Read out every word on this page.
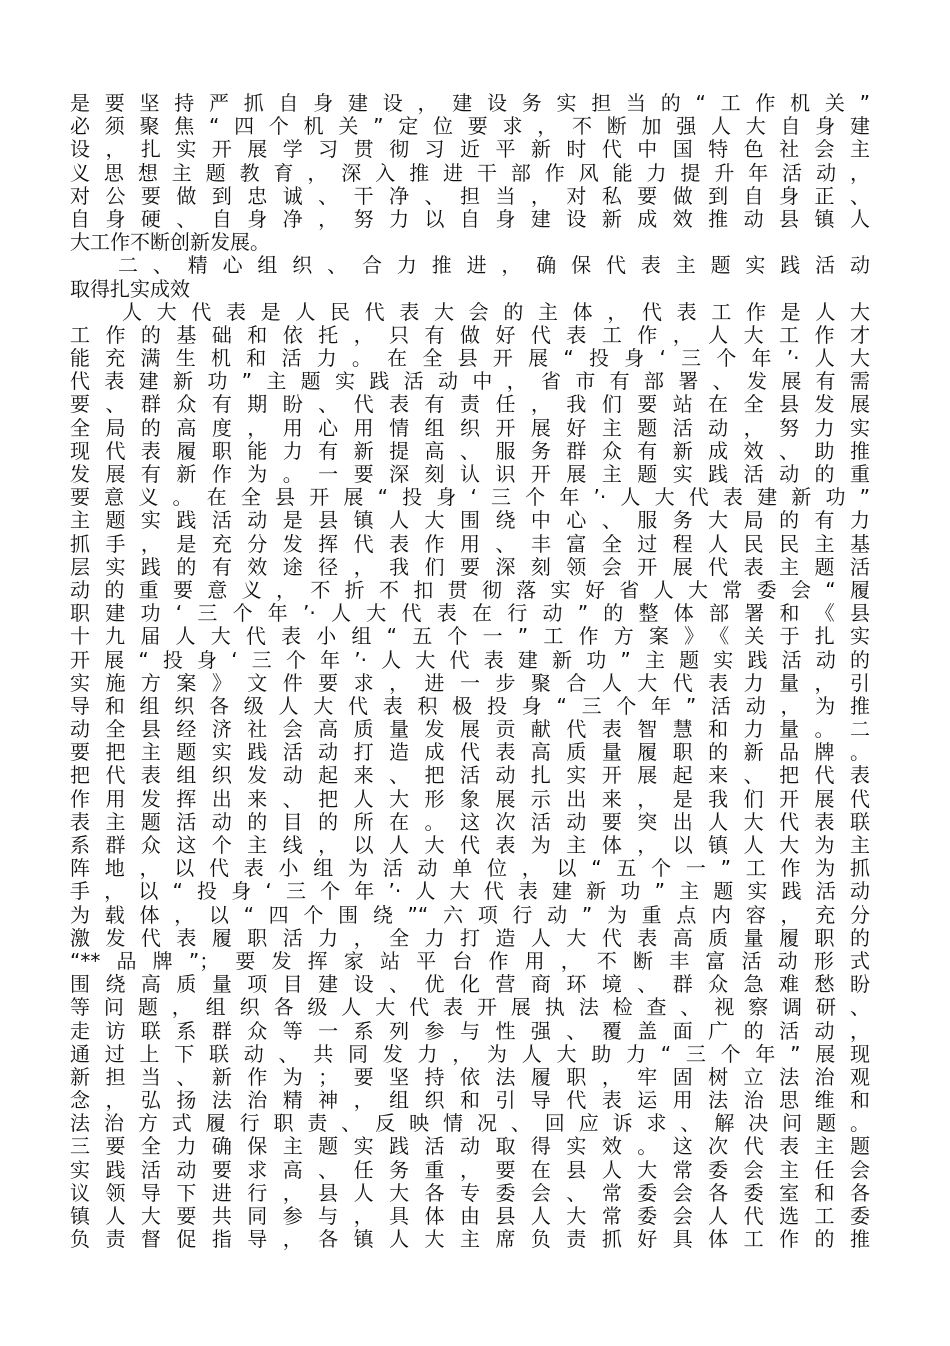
是要坚持严抓自身建设，建设务实担当的“工作机关”
必须聚焦“四个机关”定位要求，不断加强人大自身建
设，扎实开展学习贯彻习近平新时代中国特色社会主
义思想主题教育，深入推进干部作风能力提升年活动，
对公要做到忠诚、干净、担当，对私要做到自身正、
自身硬、自身净，努力以自身建设新成效推动县镇人
大工作不断创新发展。
二、精心组织、合力推进，确保代表主题实践活动
取得扎实成效
人大代表是人民代表大会的主体，代表工作是人大
工作的基础和依托，只有做好代表工作，人大工作才
能充满生机和活力。在全县开展“投身‘三个年’·人大
代表建新功”主题实践活动中，省市有部署、发展有需
要、群众有期盼、代表有责任，我们要站在全县发展
全局的高度，用心用情组织开展好主题活动，努力实
现代表履职能力有新提高、服务群众有新成效、助推
发展有新作为。一要深刻认识开展主题实践活动的重
要意义。在全县开展“投身‘三个年’·人大代表建新功”
主题实践活动是县镇人大围绕中心、服务大局的有力
抓手，是充分发挥代表作用、丰富全过程人民民主基
层实践的有效途径，我们要深刻领会开展代表主题活
动的重要意义，不折不扣贯彻落实好省人大常委会“履
职建功‘三个年’·人大代表在行动”的整体部署和《县
十九届人大代表小组“五个一”工作方案》《关于扎实
开展“投身‘三个年’·人大代表建新功”主题实践活动的
实施方案》文件要求，进一步聚合人大代表力量，引
导和组织各级人大代表积极投身“三个年”活动，为推
动全县经济社会高质量发展贡献代表智慧和力量。二
要把主题实践活动打造成代表高质量履职的新品牌。
把代表组织发动起来、把活动扎实开展起来、把代表
作用发挥出来、把人大形象展示出来，是我们开展代
表主题活动的目的所在。这次活动要突出人大代表联
系群众这个主线，以人大代表为主体，以镇人大为主
阵地，以代表小组为活动单位，以“五个一”工作为抓
手，以“投身‘三个年’·人大代表建新功”主题实践活动
为载体，以“四个围绕”“六项行动”为重点内容，充分
激发代表履职活力，全力打造人大代表高质量履职的
“**品牌”；要发挥家站平台作用，不断丰富活动形式
围绕高质量项目建设、优化营商环境、群众急难愁盼
等问题，组织各级人大代表开展执法检查、视察调研、
走访联系群众等一系列参与性强、覆盖面广的活动，
通过上下联动、共同发力，为人大助力“三个年”展现
新担当、新作为；要坚持依法履职，牢固树立法治观
念，弘扬法治精神，组织和引导代表运用法治思维和
法治方式履行职责、反映情况、回应诉求、解决问题。
三要全力确保主题实践活动取得实效。这次代表主题
实践活动要求高、任务重，要在县人大常委会主任会
议领导下进行，县人大各专委会、常委会各委室和各
镇人大要共同参与，具体由县人大常委会人代选工委
负责督促指导，各镇人大主席负责抓好具体工作的推
